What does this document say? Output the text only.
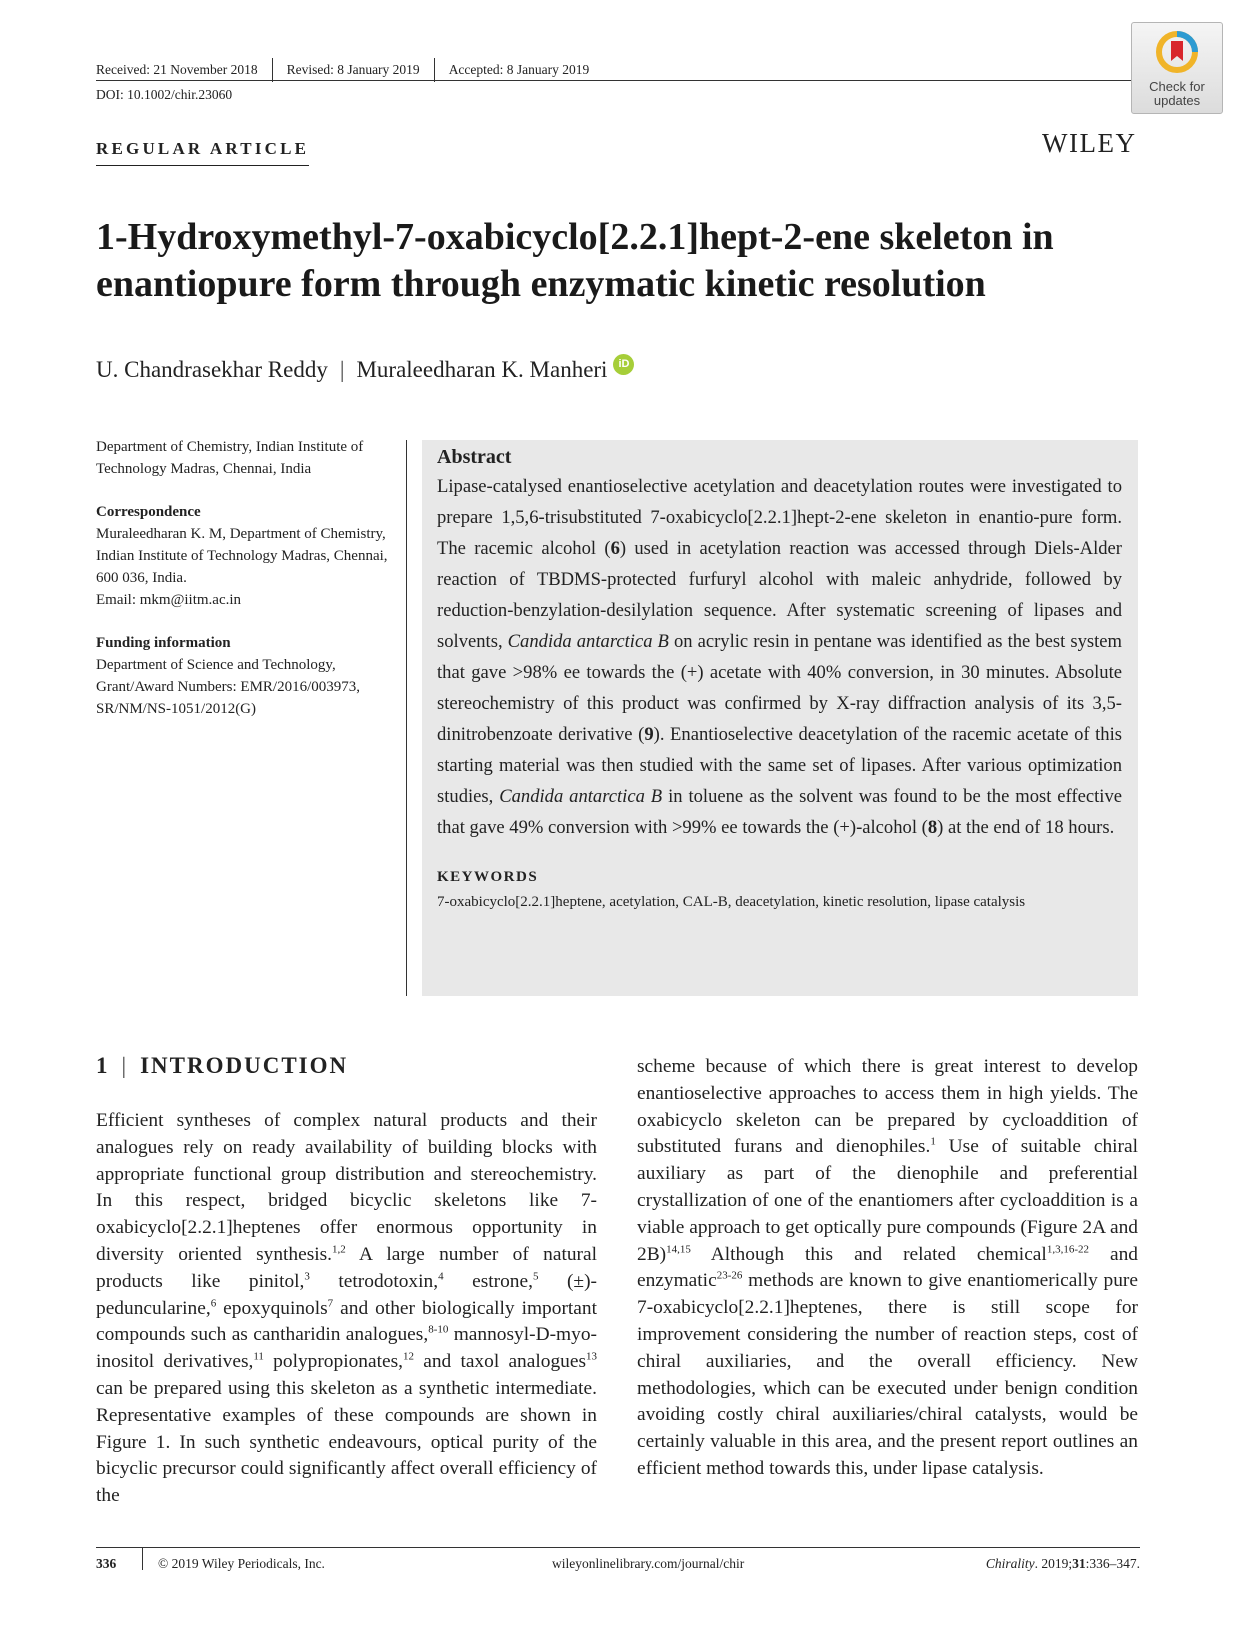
Received: 21 November 2018 Revised: 8 January 2019 Accepted: 8 January 2019
DOI: 10.1002/chir.23060
Check for
updates
REGULAR ARTICLE	WILEY
1-Hydroxymethyl-7-oxabicyclo[2.2.1]hept-2-ene skeleton in
enantiopure form through enzymatic kinetic resolution
U. Chandrasekhar Reddy | Muraleedharan K. Manheri	iD

Department of Chemistry, Indian Institute of Technology Madras, Chennai, India

Correspondence
Muraleedharan K. M, Department of Chemistry, Indian Institute of Technology Madras, Chennai, 600 036, India.
Email: mkm@iitm.ac.in

Funding information
Department of Science and Technology, Grant/Award Numbers: EMR/2016/003973, SR/NM/NS-1051/2012(G)

Abstract
Lipase-catalysed enantioselective acetylation and deacetylation routes were investigated to prepare 1,5,6-trisubstituted 7-oxabicyclo[2.2.1]hept-2-ene skeleton in enantio-pure form. The racemic alcohol (6) used in acetylation reaction was accessed through Diels-Alder reaction of TBDMS-protected furfuryl alcohol with maleic anhydride, followed by reduction-benzylation-desilylation sequence. After systematic screening of lipases and solvents, Candida antarctica B on acrylic resin in pentane was identified as the best system that gave >98% ee towards the (+) acetate with 40% conversion, in 30 minutes. Absolute stereochemistry of this product was confirmed by X-ray diffraction analysis of its 3,5-dinitrobenzoate derivative (9). Enantioselective deacetylation of the racemic acetate of this starting material was then studied with the same set of lipases. After various optimization studies, Candida antarctica B in toluene as the solvent was found to be the most effective that gave 49% conversion with >99% ee towards the (+)-alcohol (8) at the end of 18 hours.
KEYWORDS
7-oxabicyclo[2.2.1]heptene, acetylation, CAL-B, deacetylation, kinetic resolution, lipase catalysis
1 | INTRODUCTION
Efficient syntheses of complex natural products and their analogues rely on ready availability of building blocks with appropriate functional group distribution and stereochemistry. In this respect, bridged bicyclic skeletons like 7-oxabicyclo[2.2.1]heptenes offer enormous opportunity in diversity oriented synthesis.$^{1,2}$ A large number of natural products like pinitol,$^3$ tetrodotoxin,$^4$ estrone,$^5$ (±)-peduncularine,$^6$ epoxyquinols$^7$ and other biologically important compounds such as cantharidin analogues,$^{8-10}$ mannosyl-D-myo-inositol derivatives,$^{11}$ polypropionates,$^{12}$ and taxol analogues$^{13}$ can be prepared using this skeleton as a synthetic intermediate. Representative examples of these compounds are shown in Figure 1. In such synthetic endeavours, optical purity of the bicyclic precursor could significantly affect overall efficiency of the
scheme because of which there is great interest to develop enantioselective approaches to access them in high yields. The oxabicyclo skeleton can be prepared by cycloaddition of substituted furans and dienophiles.$^1$ Use of suitable chiral auxiliary as part of the dienophile and preferential crystallization of one of the enantiomers after cycloaddition is a viable approach to get optically pure compounds (Figure 2A and 2B)$^{14,15}$ Although this and related chemical$^{1,3,16-22}$ and enzymatic$^{23-26}$ methods are known to give enantiomerically pure 7-oxabicyclo[2.2.1]heptenes, there is still scope for improvement considering the number of reaction steps, cost of chiral auxiliaries, and the overall efficiency. New methodologies, which can be executed under benign condition avoiding costly chiral auxiliaries/chiral catalysts, would be certainly valuable in this area, and the present report outlines an efficient method towards this, under lipase catalysis.
336	© 2019 Wiley Periodicals, Inc.	wileyonlinelibrary.com/journal/chir	Chirality. 2019;31:336–347.
